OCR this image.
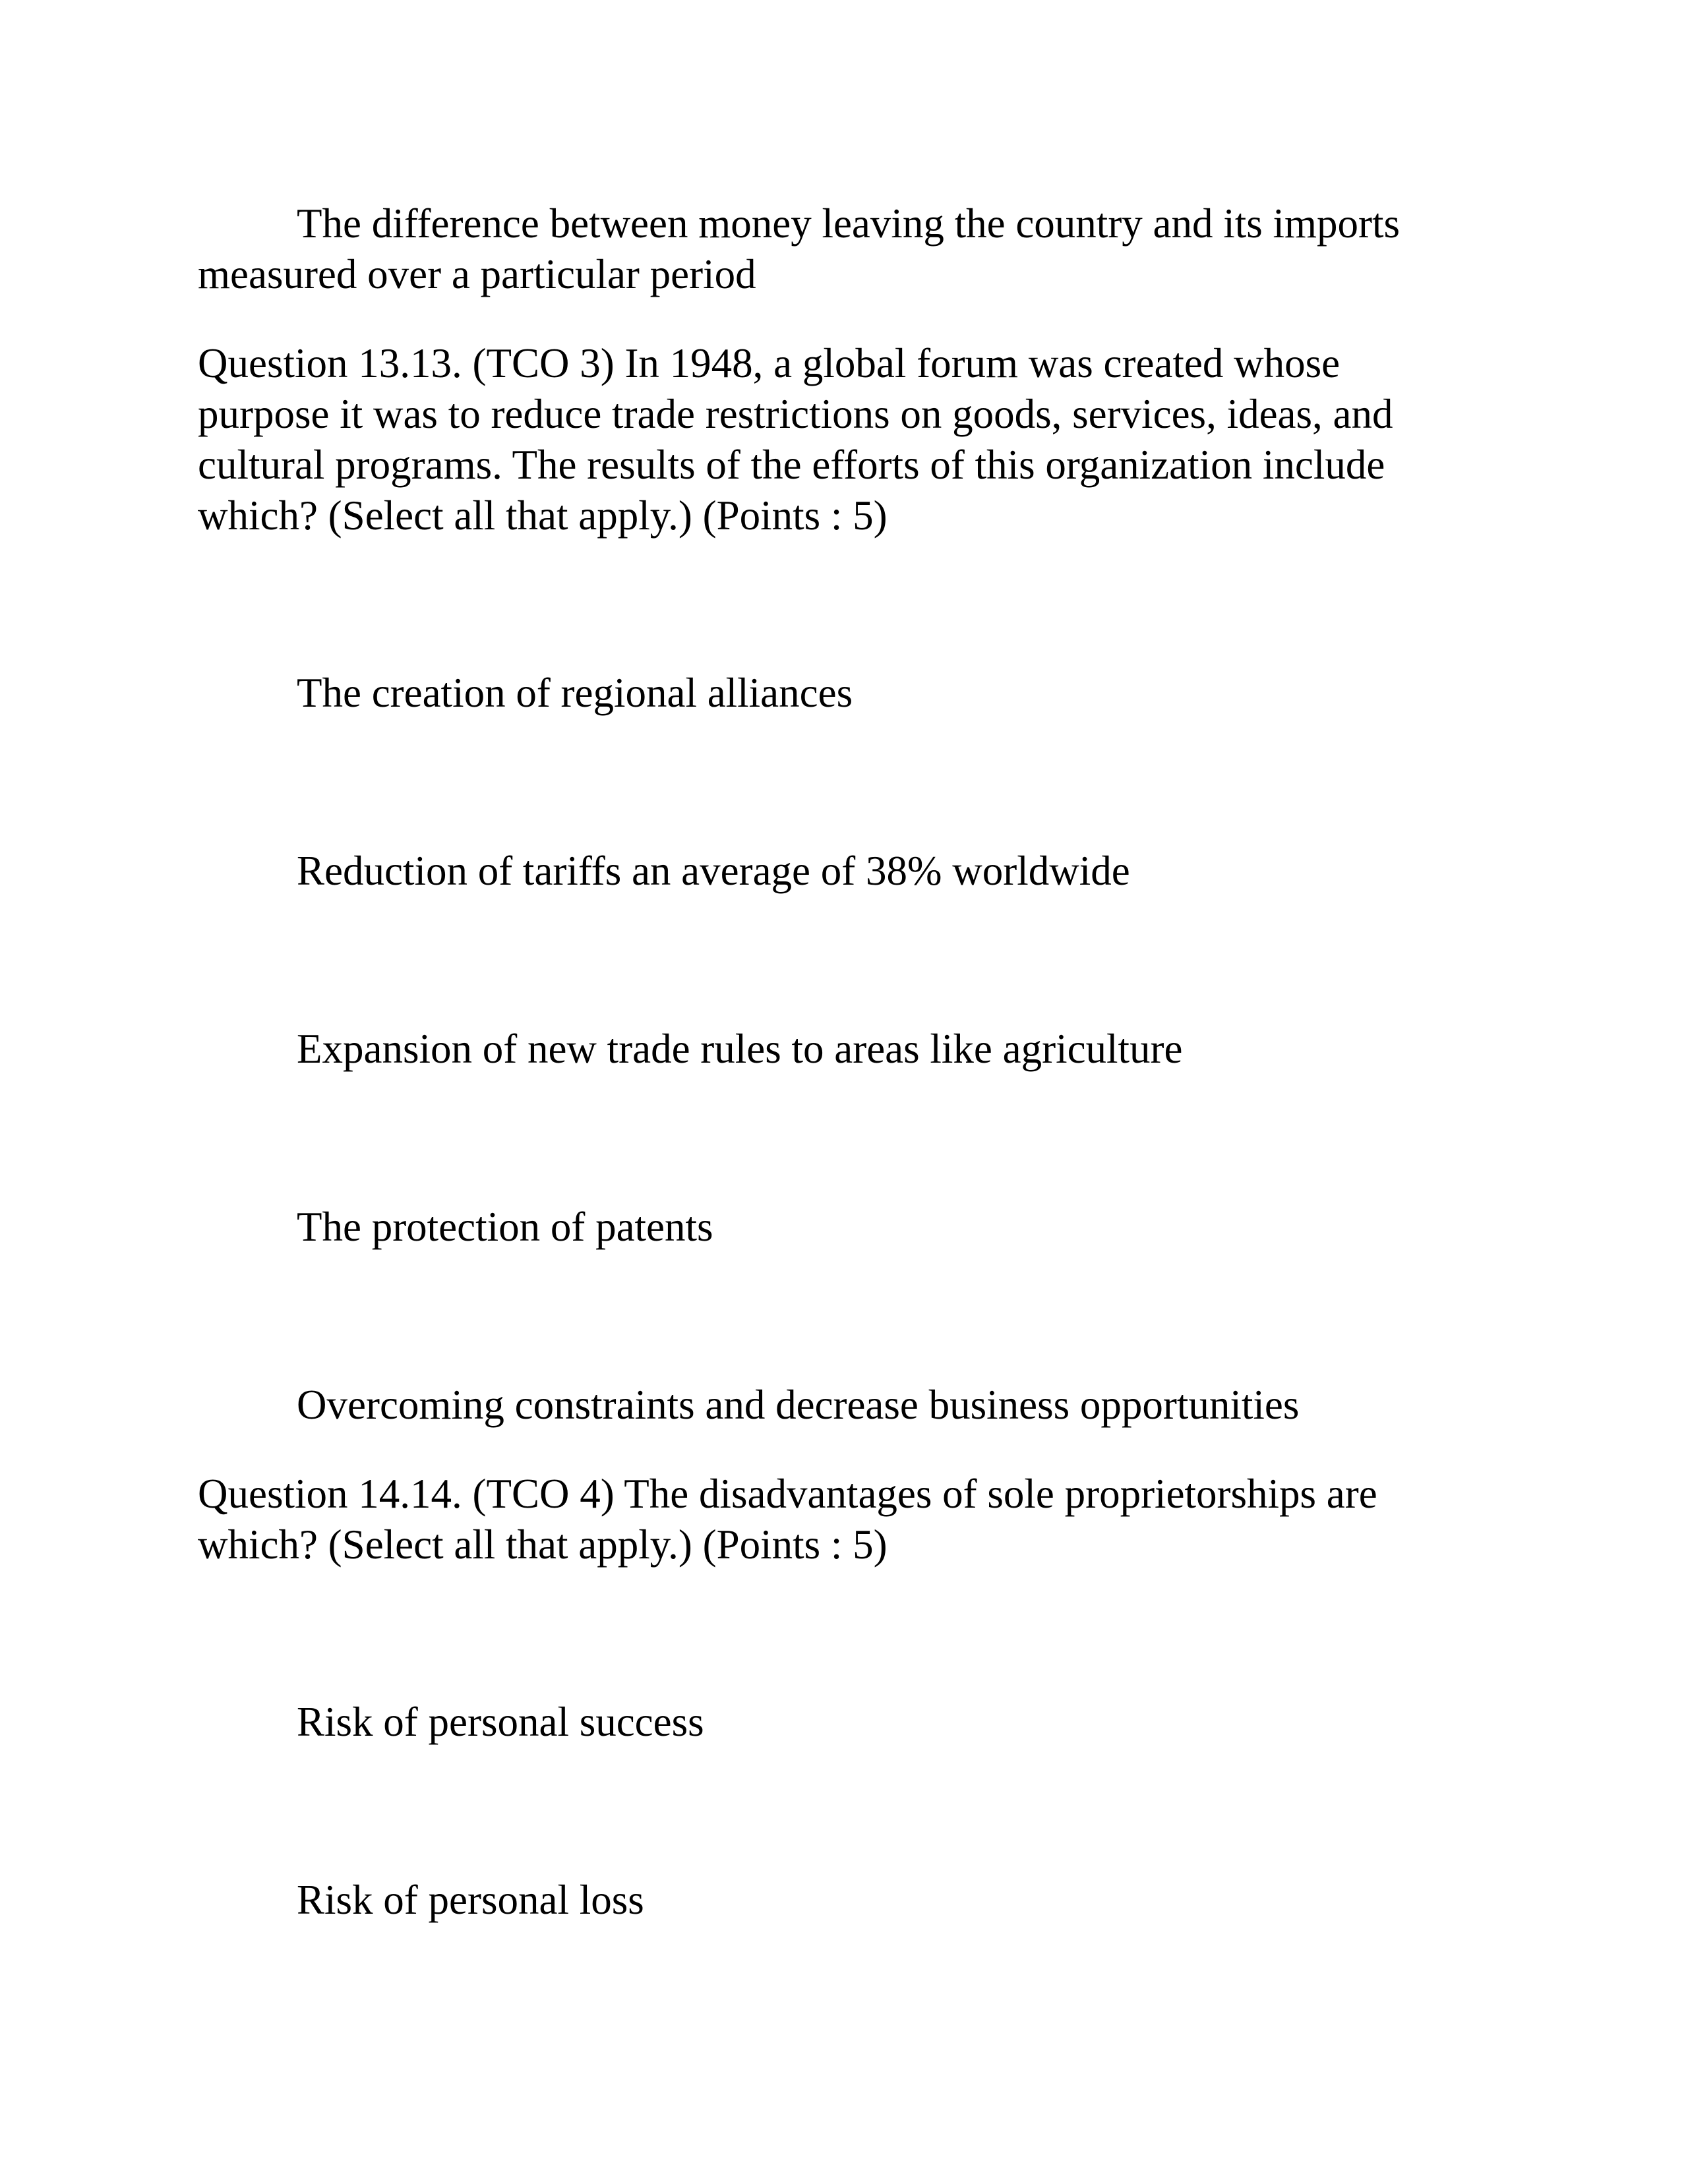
The difference between money leaving the country and its imports

measured over a particular period

Question 13.13. (TCO 3) In 1948, a global forum was created whose

purpose it was to reduce trade restrictions on goods, services, ideas, and

cultural programs. The results of the efforts of this organization include

which? (Select all that apply.) (Points : 5)

The creation of regional alliances

Reduction of tariffs an average of 38% worldwide

Expansion of new trade rules to areas like agriculture

The protection of patents

Overcoming constraints and decrease business opportunities

Question 14.14. (TCO 4) The disadvantages of sole proprietorships are

which? (Select all that apply.) (Points : 5)

Risk of personal success

Risk of personal loss
